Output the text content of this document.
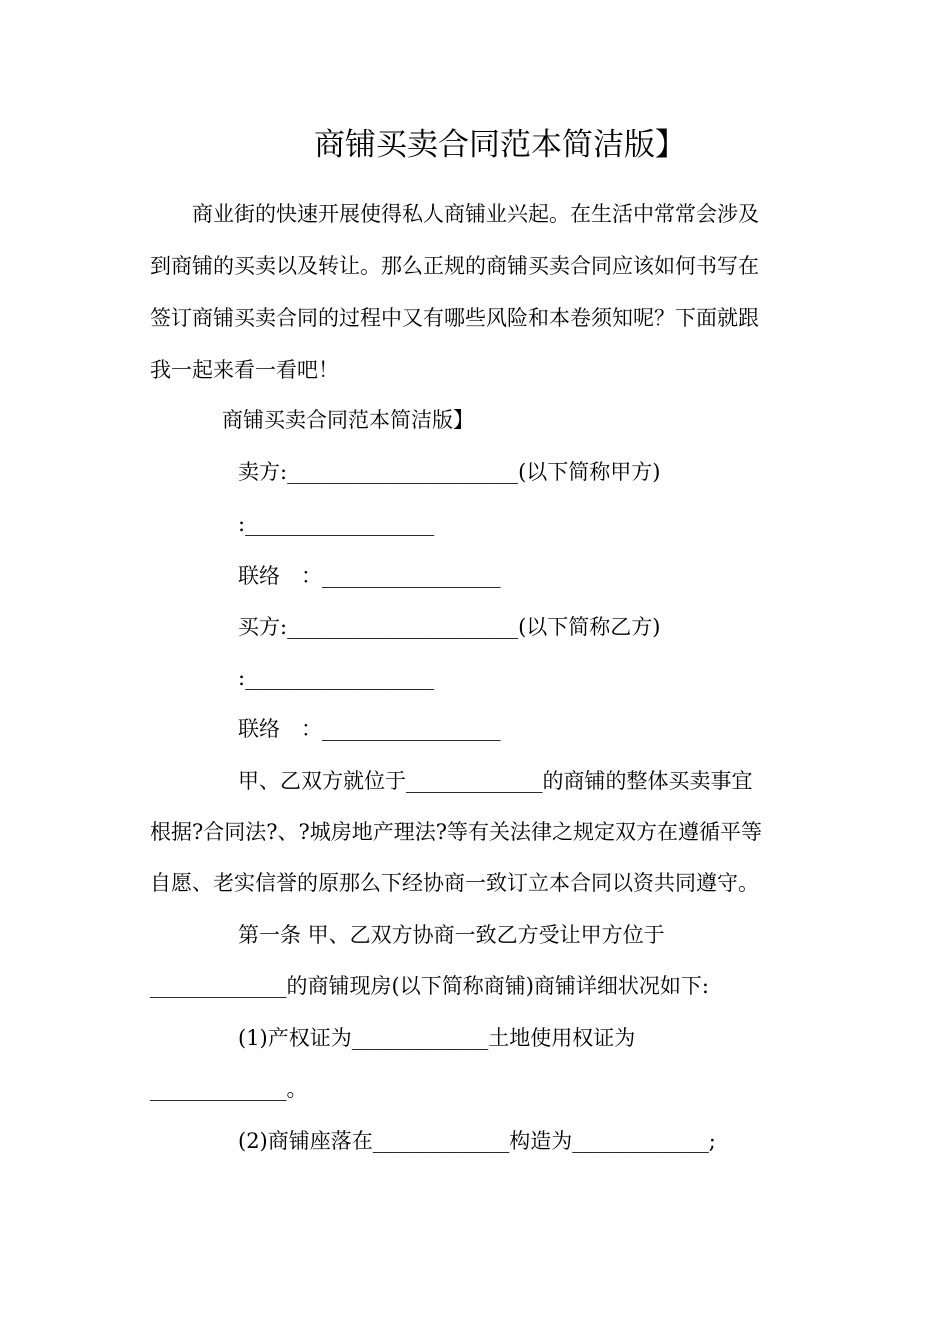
商铺买卖合同范本简洁版】
商业街的快速开展使得私人商铺业兴起。在生活中常常会涉及
到商铺的买卖以及转让。那么正规的商铺买卖合同应该如何书写在
签订商铺买卖合同的过程中又有哪些风险和本卷须知呢？下面就跟
我一起来看一看吧！
商铺买卖合同范本简洁版】
卖方:______________________(以下简称甲方)
:__________________
联络　：_________________
买方:______________________(以下简称乙方)
:__________________
联络　：_________________
甲、乙双方就位于_____________的商铺的整体买卖事宜
根据?合同法?、?城房地产理法?等有关法律之规定双方在遵循平等
自愿、老实信誉的原那么下经协商一致订立本合同以资共同遵守。
第一条 甲、乙双方协商一致乙方受让甲方位于
_____________的商铺现房(以下简称商铺)商铺详细状况如下:
(1)产权证为_____________土地使用权证为
_____________。
(2)商铺座落在_____________构造为_____________;
